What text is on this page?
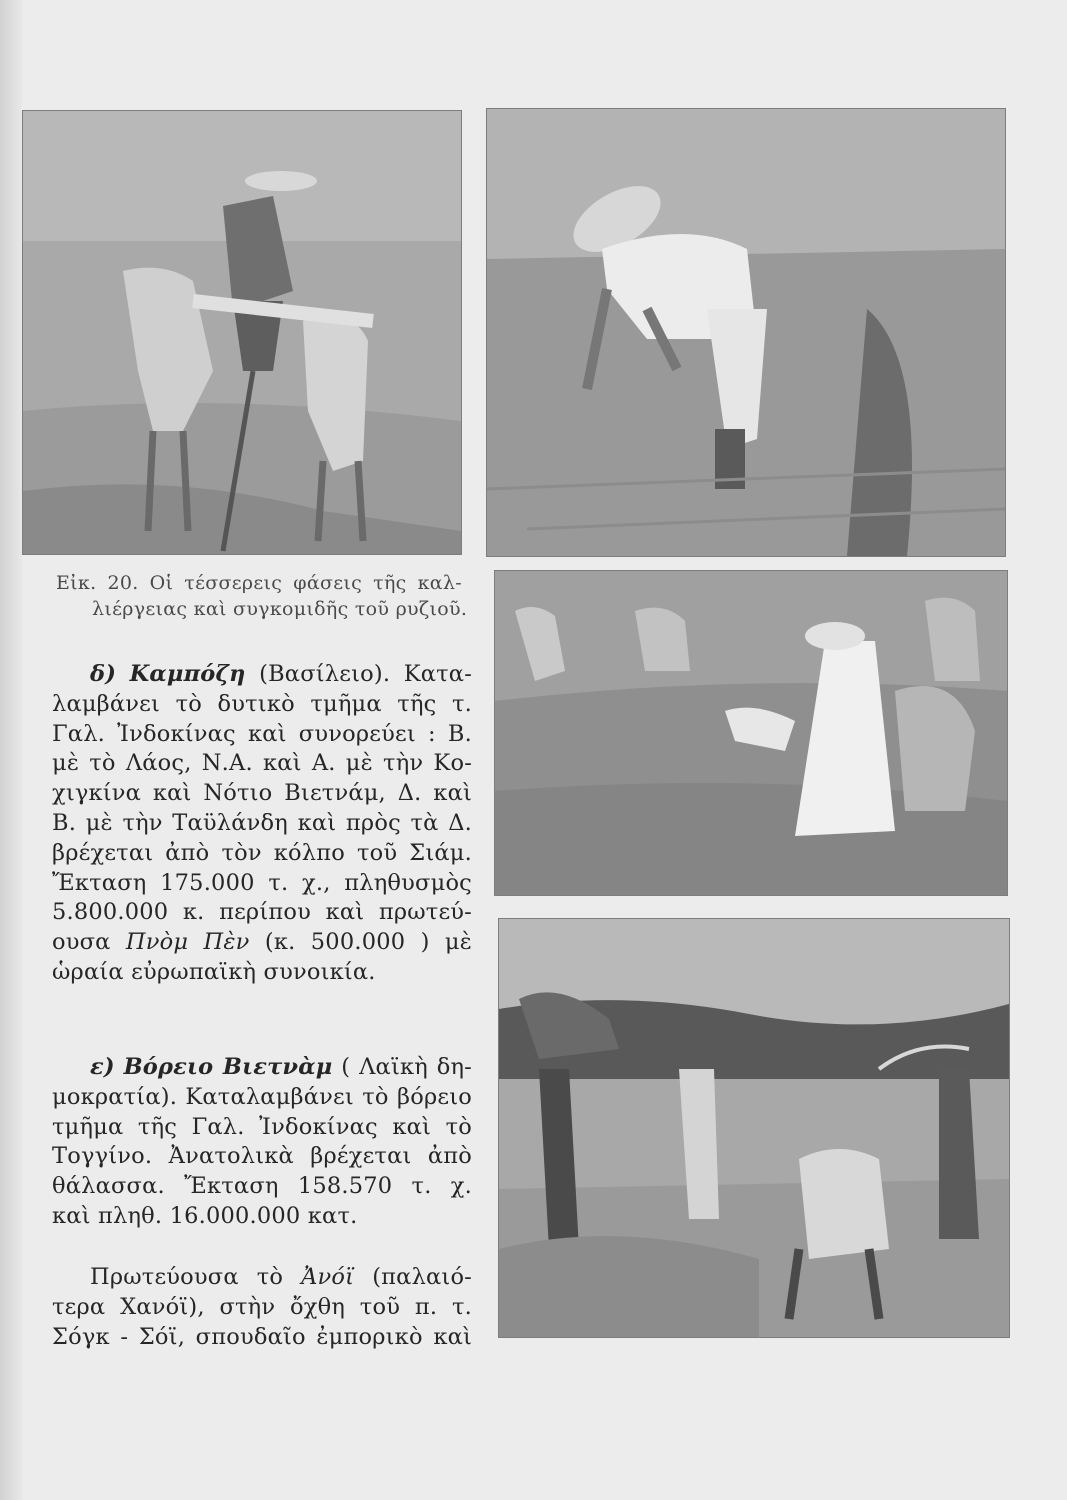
Εἰκ. 20. Οἱ τέσσερεις φάσεις τῆς καλ-
λιέργειας καὶ συγκομιδῆς τοῦ ρυζιοῦ.
δ) Καμπόζη (Βασίλειο). Κατα-
λαμβάνει τὸ δυτικὸ τμῆμα τῆς τ.
Γαλ. Ἰνδοκίνας καὶ συνορεύει : Β.
μὲ τὸ Λάος, Ν.Α. καὶ Α. μὲ τὴν Κο-
χιγκίνα καὶ Νότιο Βιετνάμ, Δ. καὶ
Β. μὲ τὴν Ταϋλάνδη καὶ πρὸς τὰ Δ.
βρέχεται ἀπὸ τὸν κόλπο τοῦ Σιάμ.
Ἔκταση 175.000 τ. χ., πληθυσμὸς
5.800.000 κ. περίπου καὶ πρωτεύ-
ουσα Πνὸμ Πὲν (κ. 500.000 ) μὲ
ὡραία εὐρωπαϊκὴ συνοικία.
ε) Βόρειο Βιετνὰμ ( Λαϊκὴ δη-
μοκρατία). Καταλαμβάνει τὸ βόρειο
τμῆμα τῆς Γαλ. Ἰνδοκίνας καὶ τὸ
Τογγίνο. Ἀνατολικὰ βρέχεται ἀπὸ
θάλασσα. Ἔκταση 158.570 τ. χ.
καὶ πληθ. 16.000.000 κατ.
Πρωτεύουσα τὸ Ἀνόϊ (παλαιό-
τερα Χανόϊ), στὴν ὄχθη τοῦ π. τ.
Σόγκ - Σόϊ, σπουδαῖο ἐμπορικὸ καὶ
